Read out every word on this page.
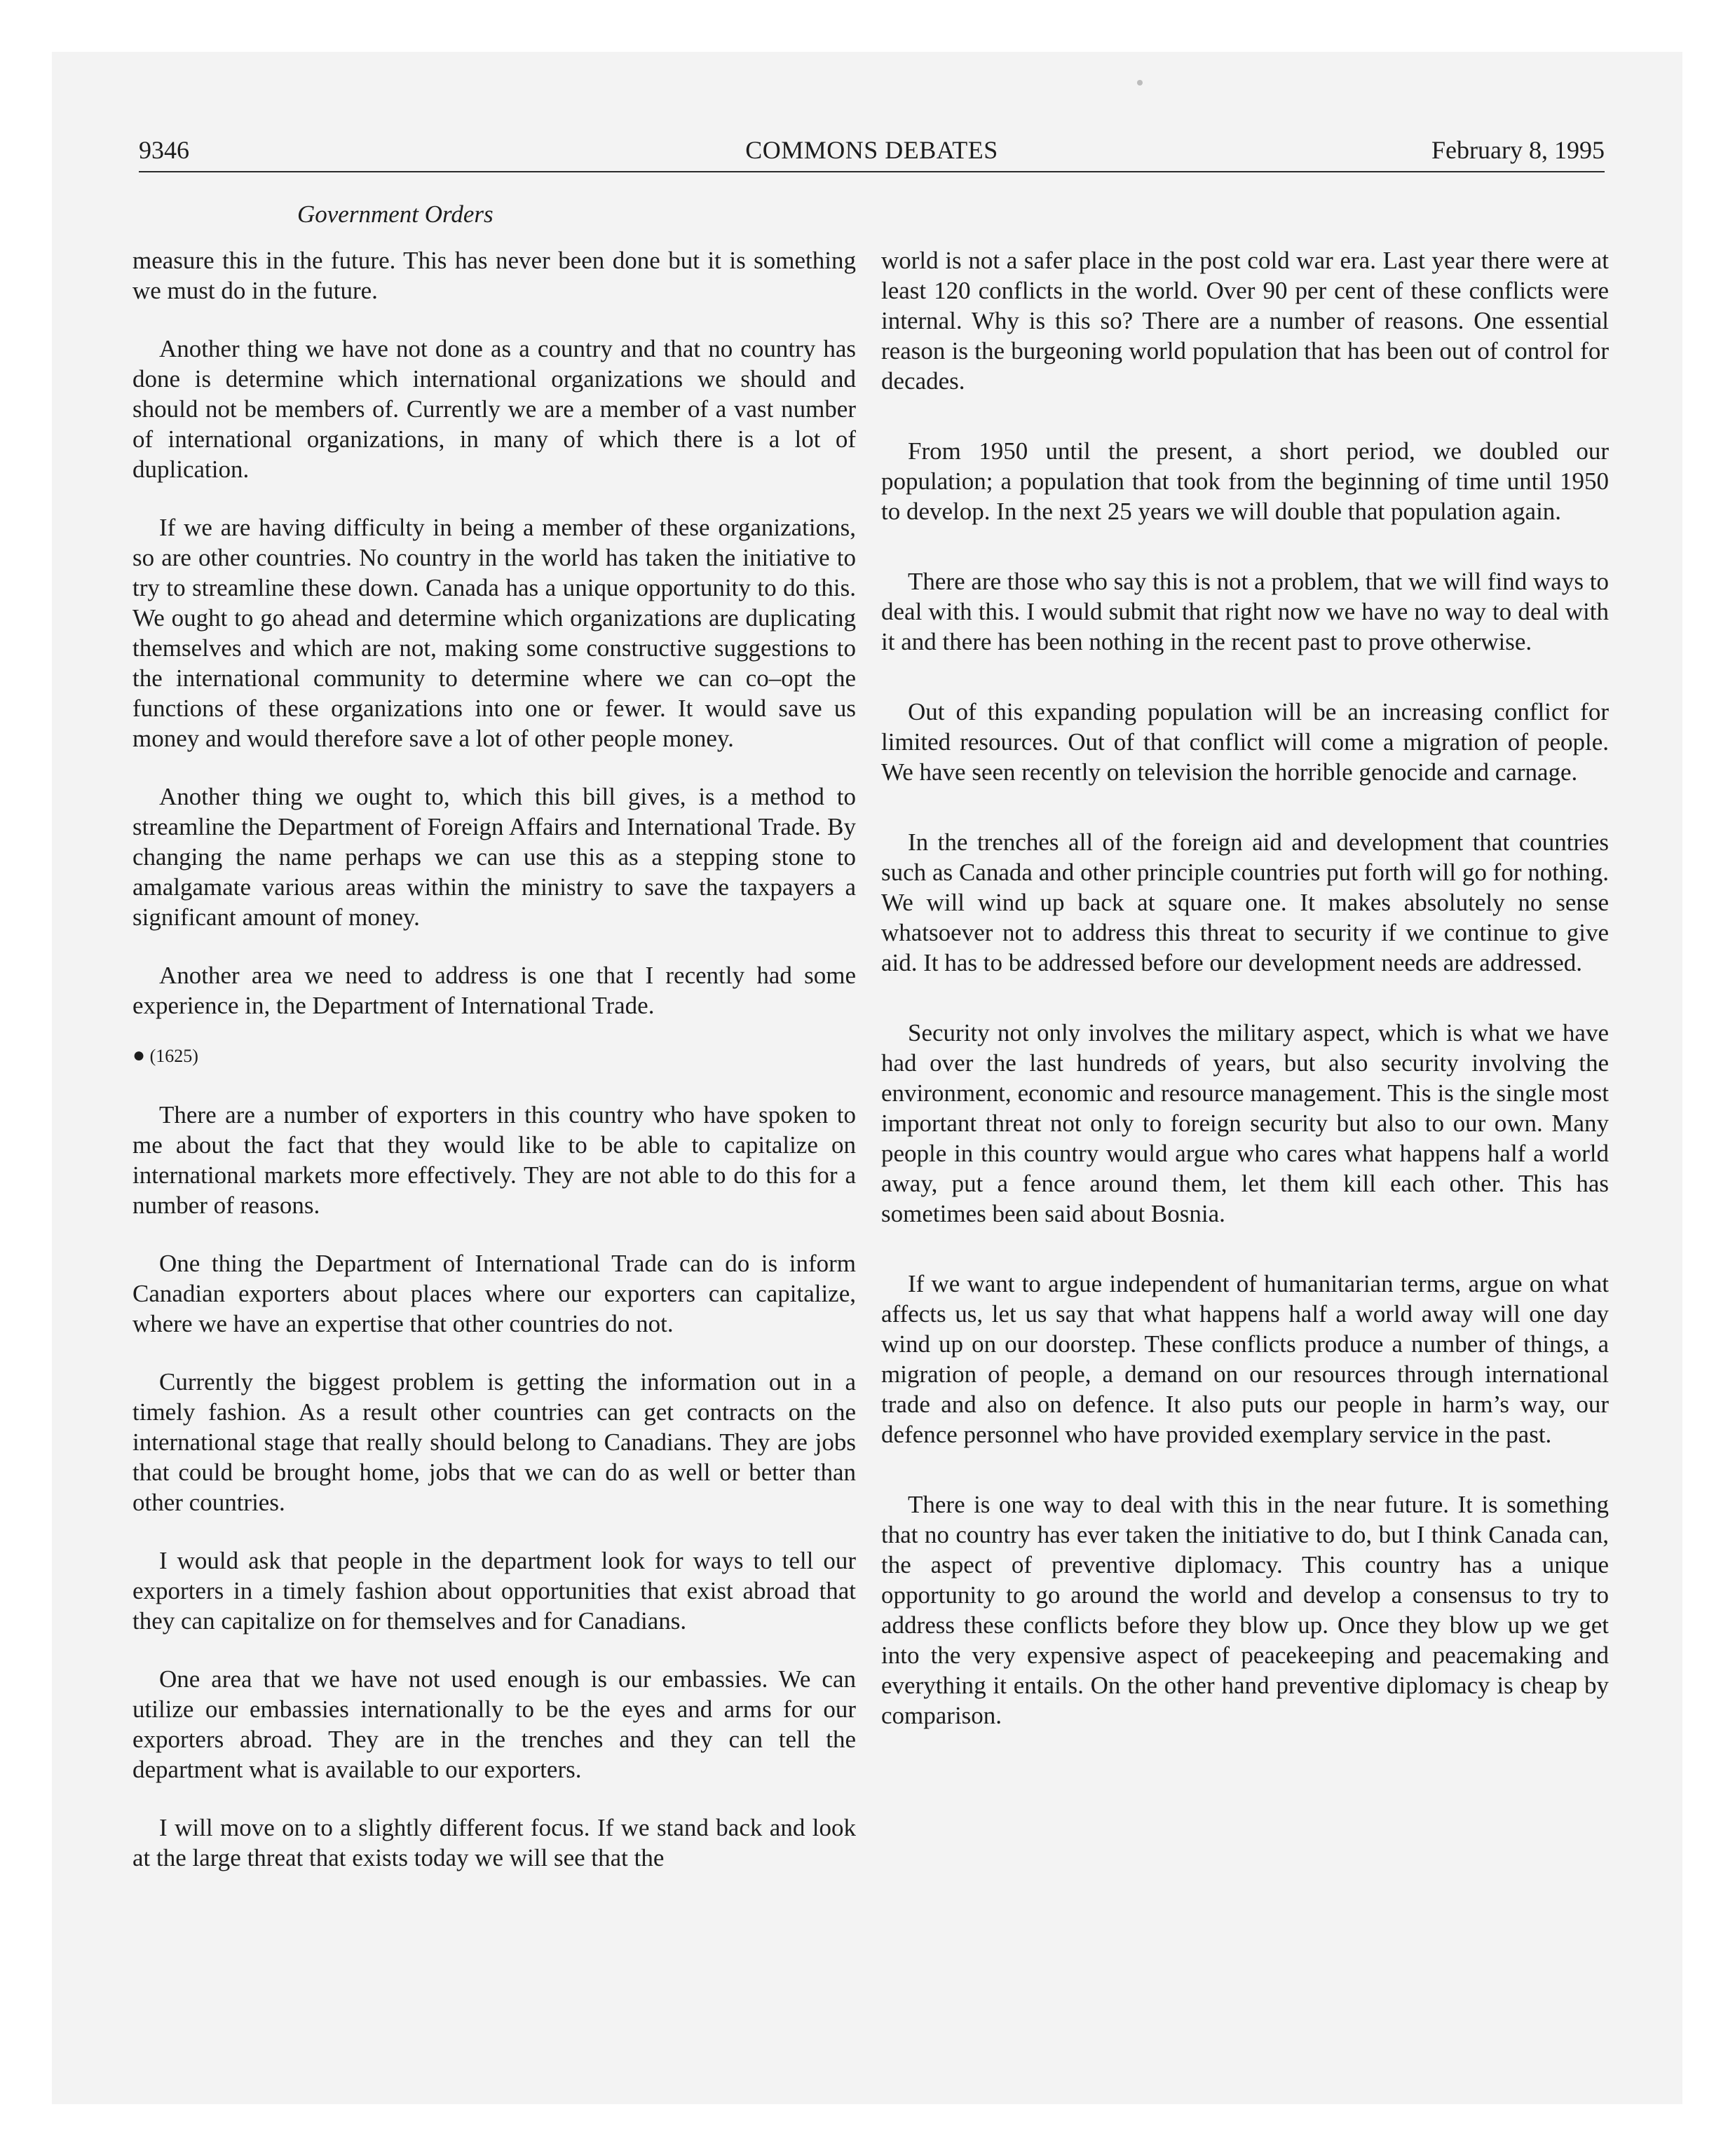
9346	COMMONS DEBATES	February 8, 1995
Government Orders

measure this in the future. This has never been done but it is something we must do in the future.

Another thing we have not done as a country and that no country has done is determine which international organizations we should and should not be members of. Currently we are a member of a vast number of international organizations, in many of which there is a lot of duplication.

If we are having difficulty in being a member of these organizations, so are other countries. No country in the world has taken the initiative to try to streamline these down. Canada has a unique opportunity to do this. We ought to go ahead and determine which organizations are duplicating themselves and which are not, making some constructive suggestions to the international community to determine where we can co–opt the functions of these organizations into one or fewer. It would save us money and would therefore save a lot of other people money.

Another thing we ought to, which this bill gives, is a method to streamline the Department of Foreign Affairs and International Trade. By changing the name perhaps we can use this as a stepping stone to amalgamate various areas within the ministry to save the taxpayers a significant amount of money.

Another area we need to address is one that I recently had some experience in, the Department of International Trade.

● (1625)

There are a number of exporters in this country who have spoken to me about the fact that they would like to be able to capitalize on international markets more effectively. They are not able to do this for a number of reasons.

One thing the Department of International Trade can do is inform Canadian exporters about places where our exporters can capitalize, where we have an expertise that other countries do not.

Currently the biggest problem is getting the information out in a timely fashion. As a result other countries can get contracts on the international stage that really should belong to Canadians. They are jobs that could be brought home, jobs that we can do as well or better than other countries.

I would ask that people in the department look for ways to tell our exporters in a timely fashion about opportunities that exist abroad that they can capitalize on for themselves and for Canadians.

One area that we have not used enough is our embassies. We can utilize our embassies internationally to be the eyes and arms for our exporters abroad. They are in the trenches and they can tell the department what is available to our exporters.

I will move on to a slightly different focus. If we stand back and look at the large threat that exists today we will see that the

world is not a safer place in the post cold war era. Last year there were at least 120 conflicts in the world. Over 90 per cent of these conflicts were internal. Why is this so? There are a number of reasons. One essential reason is the burgeoning world population that has been out of control for decades.

From 1950 until the present, a short period, we doubled our population; a population that took from the beginning of time until 1950 to develop. In the next 25 years we will double that population again.

There are those who say this is not a problem, that we will find ways to deal with this. I would submit that right now we have no way to deal with it and there has been nothing in the recent past to prove otherwise.

Out of this expanding population will be an increasing conflict for limited resources. Out of that conflict will come a migration of people. We have seen recently on television the horrible genocide and carnage.

In the trenches all of the foreign aid and development that countries such as Canada and other principle countries put forth will go for nothing. We will wind up back at square one. It makes absolutely no sense whatsoever not to address this threat to security if we continue to give aid. It has to be addressed before our development needs are addressed.

Security not only involves the military aspect, which is what we have had over the last hundreds of years, but also security involving the environment, economic and resource management. This is the single most important threat not only to foreign security but also to our own. Many people in this country would argue who cares what happens half a world away, put a fence around them, let them kill each other. This has sometimes been said about Bosnia.

If we want to argue independent of humanitarian terms, argue on what affects us, let us say that what happens half a world away will one day wind up on our doorstep. These conflicts produce a number of things, a migration of people, a demand on our resources through international trade and also on defence. It also puts our people in harm’s way, our defence personnel who have provided exemplary service in the past.

There is one way to deal with this in the near future. It is something that no country has ever taken the initiative to do, but I think Canada can, the aspect of preventive diplomacy. This country has a unique opportunity to go around the world and develop a consensus to try to address these conflicts before they blow up. Once they blow up we get into the very expensive aspect of peacekeeping and peacemaking and everything it entails. On the other hand preventive diplomacy is cheap by comparison.
